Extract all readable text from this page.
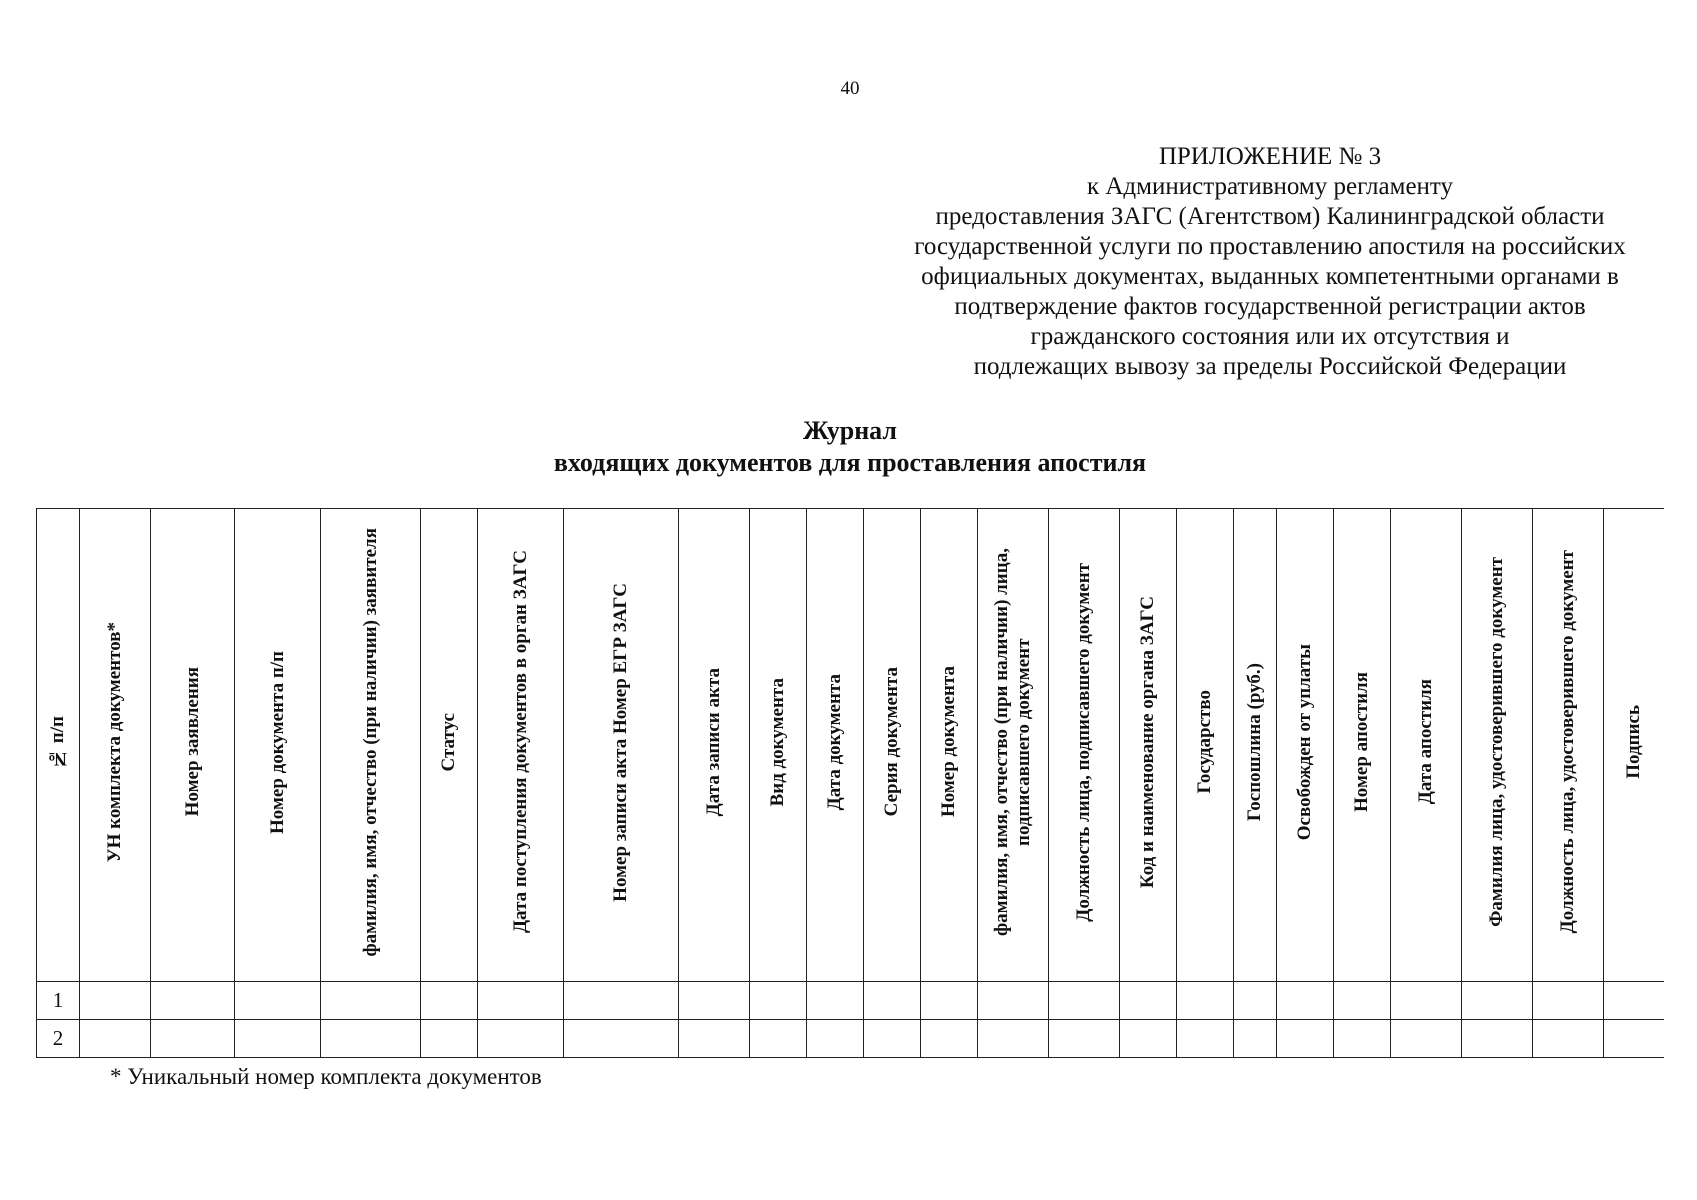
40
ПРИЛОЖЕНИЕ № 3
к Административному регламенту
предоставления ЗАГС (Агентством) Калининградской области
государственной услуги по проставлению апостиля на российских
официальных документах, выданных компетентными органами в
подтверждение фактов государственной регистрации актов
гражданского состояния или их отсутствия и
подлежащих вывозу за пределы Российской Федерации
Журнал
входящих документов для проставления апостиля
№ п/п	УН комплекта документов*	Номер заявления	Номер документа п/п	фамилия, имя, отчество (при наличии) заявителя	Статус	Дата поступления документов в орган ЗАГС	Номер записи акта Номер ЕГР ЗАГС	Дата записи акта	Вид документа	Дата документа	Серия документа	Номер документа	фамилия, имя, отчество (при наличии) лица, подписавшего документ	Должность лица, подписавшего документ	Код и наименование органа ЗАГС	Государство	Госпошлина (руб.)	Освобожден от уплаты	Номер апостиля	Дата апостиля	Фамилия лица, удостоверившего документ	Должность лица, удостоверившего документ	Подпись
1																							
2																							
* Уникальный номер комплекта документов
